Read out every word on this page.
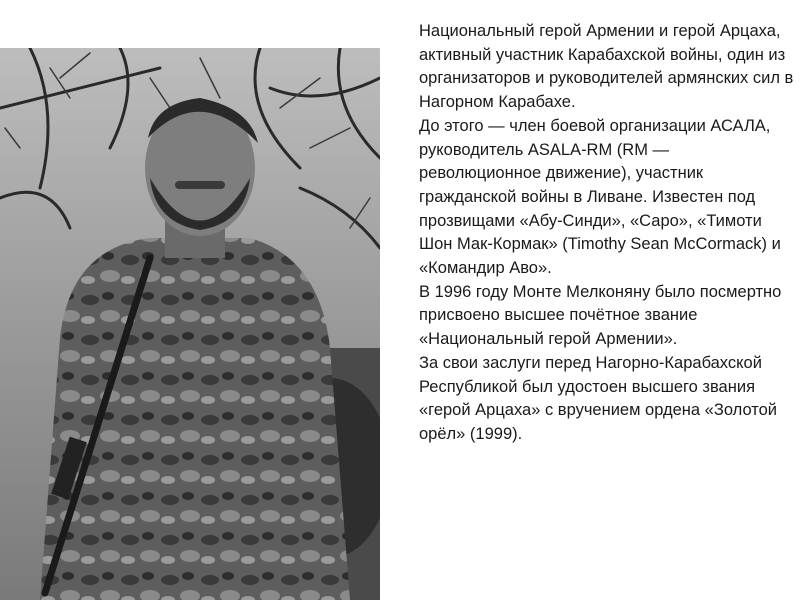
Национальный герой Армении и герой Арцаха, активный участник Карабахской войны, один из организаторов и руководителей армянских сил в Нагорном Карабахе.

До этого — член боевой организации АСАЛА, руководитель ASALA-RM (RM — революционное движение), участник гражданской войны в Ливане. Известен под прозвищами «Абу-Синди», «Саро», «Тимоти Шон Мак-Кормак» (Timothy Sean McCormack) и «Командир Аво».

В 1996 году Монте Мелконяну было посмертно присвоено высшее почётное звание «Национальный герой Армении».

За свои заслуги перед Нагорно-Карабахской Республикой был удостоен высшего звания «герой Арцаха» с вручением ордена «Золотой орёл» (1999).
